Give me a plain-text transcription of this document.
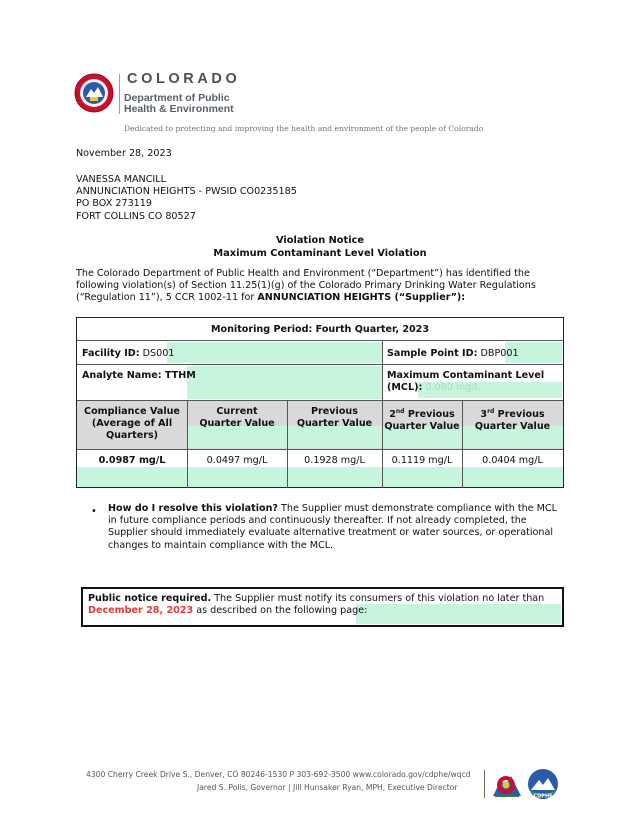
COLORADO
Department of Public
Health & Environment
Dedicated to protecting and improving the health and environment of the people of Colorado
November 28, 2023
VANESSA MANCILL
ANNUNCIATION HEIGHTS - PWSID CO0235185
PO BOX 273119
FORT COLLINS CO 80527
Violation Notice
Maximum Contaminant Level Violation
The Colorado Department of Public Health and Environment (“Department”) has identified the following violation(s) of Section 11.25(1)(g) of the Colorado Primary Drinking Water Regulations (“Regulation 11”), 5 CCR 1002-11 for ANNUNCIATION HEIGHTS (“Supplier”):
Monitoring Period: Fourth Quarter, 2023
Facility ID: DS001	Sample Point ID: DBP001
Analyte Name: TTHM	Maximum Contaminant Level
(MCL): 0.080 mg/L
Compliance Value
(Average of All
Quarters)
Current
Quarter Value
Previous
Quarter Value
2nd Previous
Quarter Value
3rd Previous
Quarter Value
0.0987 mg/L	0.0497 mg/L	0.1928 mg/L	0.1119 mg/L	0.0404 mg/L
• How do I resolve this violation? The Supplier must demonstrate compliance with the MCL in future compliance periods and continuously thereafter. If not already completed, the Supplier should immediately evaluate alternative treatment or water sources, or operational changes to maintain compliance with the MCL.
Public notice required. The Supplier must notify its consumers of this violation no later than
December 28, 2023 as described on the following page:
4300 Cherry Creek Drive S., Denver, CO 80246-1530 P 303-692-3500 www.colorado.gov/cdphe/wqcd
Jared S. Polis, Governor | Jill Hunsaker Ryan, MPH, Executive Director
CDPHE
